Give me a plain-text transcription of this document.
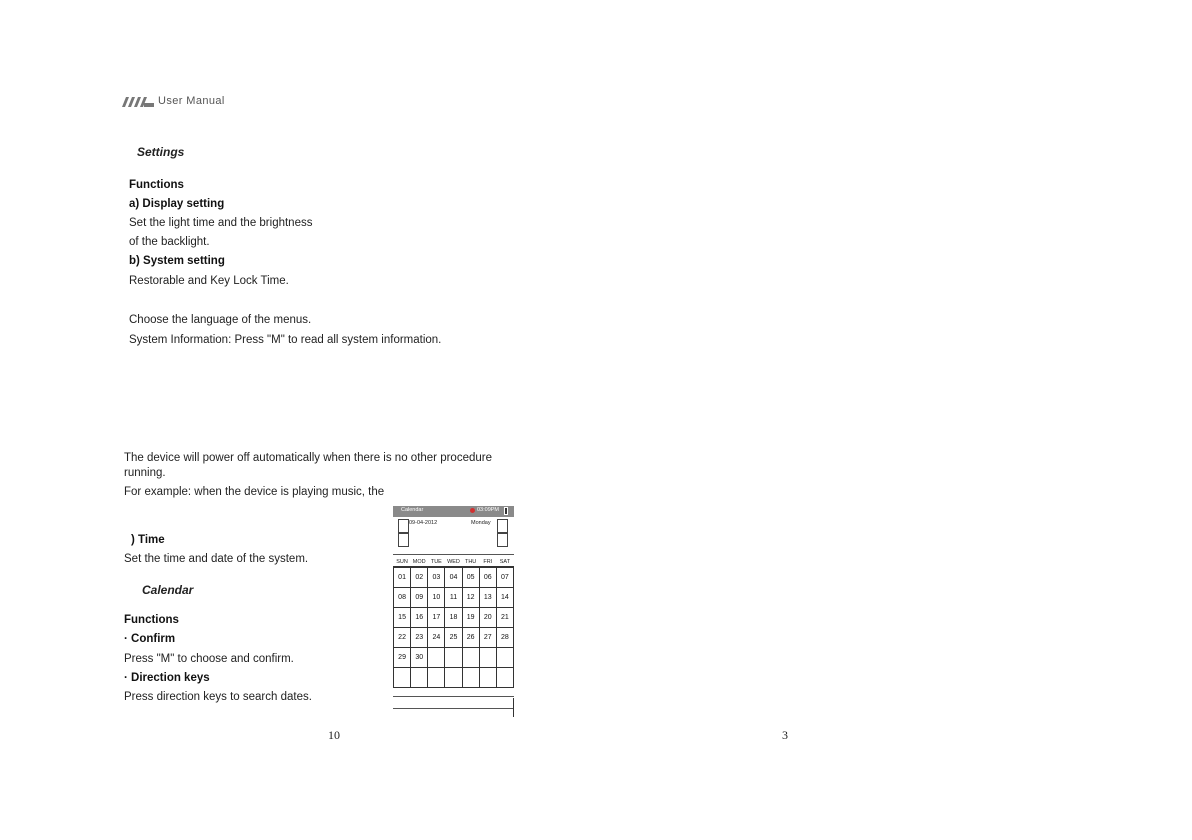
User Manual
Settings
Functions
a) Display setting
Set the light time and the brightness
of the backlight.
b) System setting
Restorable and Key Lock Time.
Choose the language of the menus.
System Information: Press "M" to read all system information.
The device will power off automatically when there is no other procedure
running.
For example: when the device is playing music, the
) Time
Set the time and date of the system.
Calendar
Functions
· Confirm
Press "M" to choose and confirm.
· Direction keys
Press direction keys to search dates.
Calendar	03:09PM
09-04-2012	Monday
SUN	MOD	TUE	WED	THU	FRI	SAT
01	02	03	04	05	06	07
08	09	10	11	12	13	14
15	16	17	18	19	20	21
22	23	24	25	26	27	28
29	30					

10	3
